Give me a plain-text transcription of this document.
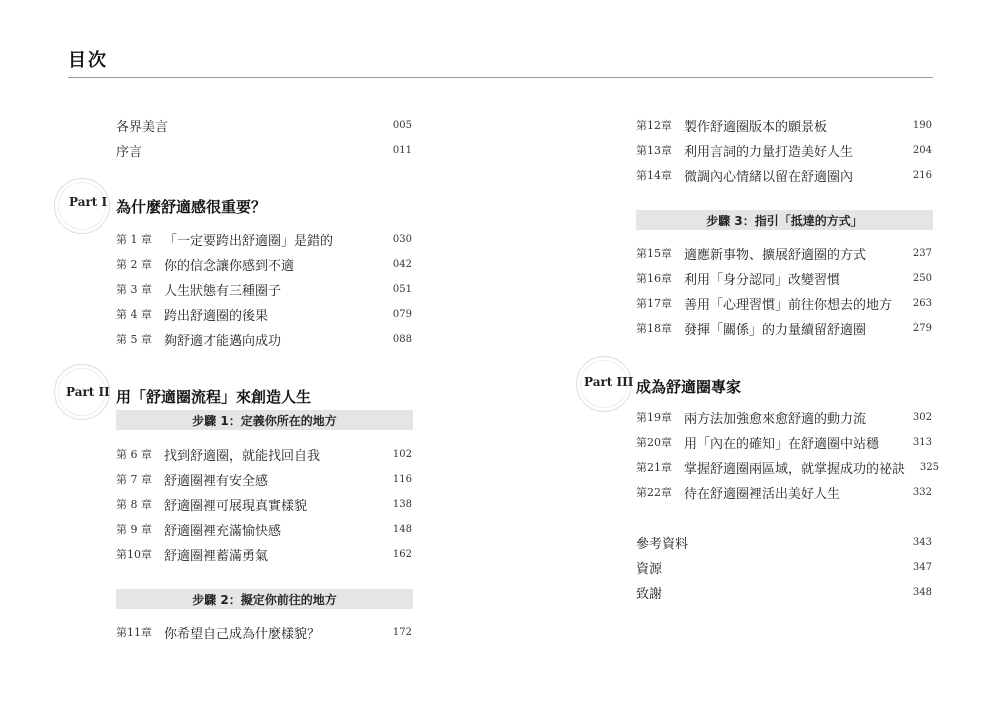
目次
各界美言	005
序言	011
Part I 為什麼舒適感很重要？
第 1 章 「一定要跨出舒適圈」是錯的	030
第 2 章 你的信念讓你感到不適	042
第 3 章 人生狀態有三種圈子	051
第 4 章 跨出舒適圈的後果	079
第 5 章 夠舒適才能邁向成功	088
Part II 用「舒適圈流程」來創造人生
步驟 1：定義你所在的地方
第 6 章 找到舒適圈，就能找回自我	102
第 7 章 舒適圈裡有安全感	116
第 8 章 舒適圈裡可展現真實樣貌	138
第 9 章 舒適圈裡充滿愉快感	148
第10章 舒適圈裡蓄滿勇氣	162
步驟 2：擬定你前往的地方
第11章 你希望自己成為什麼樣貌？	172
第12章 製作舒適圈版本的願景板	190
第13章 利用言詞的力量打造美好人生	204
第14章 微調內心情緒以留在舒適圈內	216
步驟 3：指引「抵達的方式」
第15章 適應新事物、擴展舒適圈的方式	237
第16章 利用「身分認同」改變習慣	250
第17章 善用「心理習慣」前往你想去的地方	263
第18章 發揮「關係」的力量續留舒適圈	279
Part III 成為舒適圈專家
第19章 兩方法加強愈來愈舒適的動力流	302
第20章 用「內在的確知」在舒適圈中站穩	313
第21章 掌握舒適圈兩區域，就掌握成功的祕訣	325
第22章 待在舒適圈裡活出美好人生	332
參考資料	343
資源	347
致謝	348
